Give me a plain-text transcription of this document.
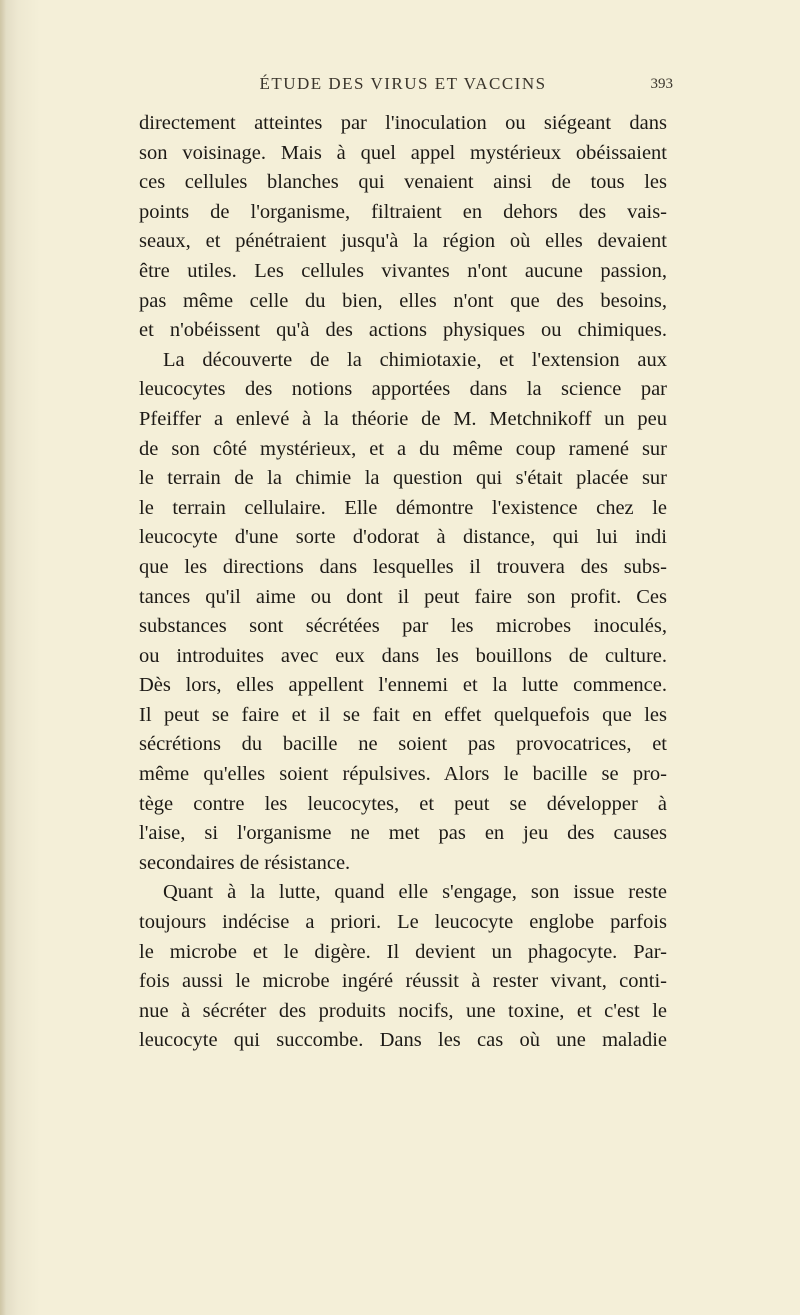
ÉTUDE DES VIRUS ET VACCINS	393
directement atteintes par l'inoculation ou siégeant dans
son voisinage. Mais à quel appel mystérieux obéissaient
ces cellules blanches qui venaient ainsi de tous les
points de l'organisme, filtraient en dehors des vais-
seaux, et pénétraient jusqu'à la région où elles devaient
être utiles. Les cellules vivantes n'ont aucune passion,
pas même celle du bien, elles n'ont que des besoins,
et n'obéissent qu'à des actions physiques ou chimiques.
La découverte de la chimiotaxie, et l'extension aux
leucocytes des notions apportées dans la science par
Pfeiffer a enlevé à la théorie de M. Metchnikoff un peu
de son côté mystérieux, et a du même coup ramené sur
le terrain de la chimie la question qui s'était placée sur
le terrain cellulaire. Elle démontre l'existence chez le
leucocyte d'une sorte d'odorat à distance, qui lui indi
que les directions dans lesquelles il trouvera des subs-
tances qu'il aime ou dont il peut faire son profit. Ces
substances sont sécrétées par les microbes inoculés,
ou introduites avec eux dans les bouillons de culture.
Dès lors, elles appellent l'ennemi et la lutte commence.
Il peut se faire et il se fait en effet quelquefois que les
sécrétions du bacille ne soient pas provocatrices, et
même qu'elles soient répulsives. Alors le bacille se pro-
tège contre les leucocytes, et peut se développer à
l'aise, si l'organisme ne met pas en jeu des causes
secondaires de résistance.
Quant à la lutte, quand elle s'engage, son issue reste
toujours indécise a priori. Le leucocyte englobe parfois
le microbe et le digère. Il devient un phagocyte. Par-
fois aussi le microbe ingéré réussit à rester vivant, conti-
nue à sécréter des produits nocifs, une toxine, et c'est le
leucocyte qui succombe. Dans les cas où une maladie
